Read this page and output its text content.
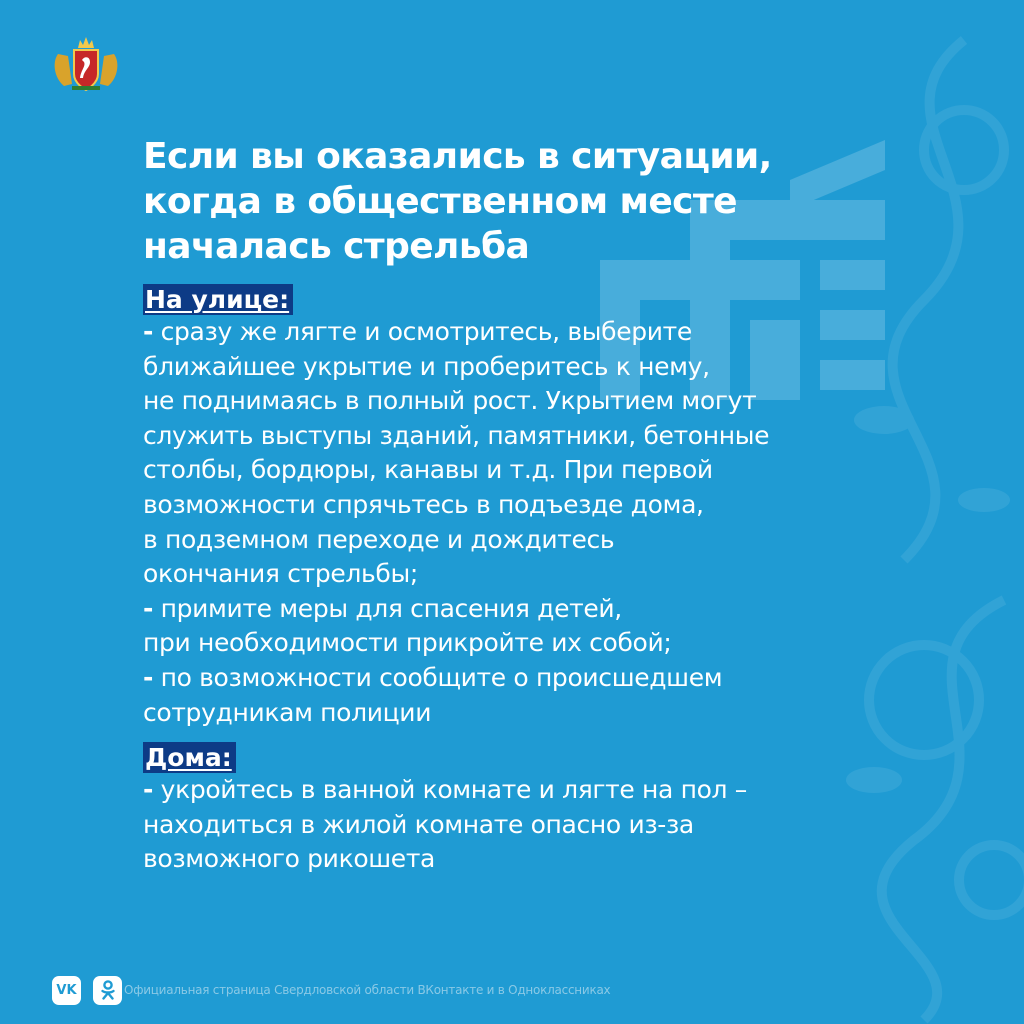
Если вы оказались в ситуации,
когда в общественном месте
началась стрельба
На улице:

- сразу же лягте и осмотритесь, выберите
ближайшее укрытие и проберитесь к нему,
не поднимаясь в полный рост. Укрытием могут
служить выступы зданий, памятники, бетонные
столбы, бордюры, канавы и т.д. При первой
возможности спрячьтесь в подъезде дома,
в подземном переходе и дождитесь
окончания стрельбы;

- примите меры для спасения детей,
при необходимости прикройте их собой;

- по возможности сообщите о происшедшем
сотрудникам полиции

Дома:

- укройтесь в ванной комнате и лягте на пол –
находиться в жилой комнате опасно из-за
возможного рикошета

VK	Официальная страница Свердловской области ВКонтакте и в Одноклассниках
